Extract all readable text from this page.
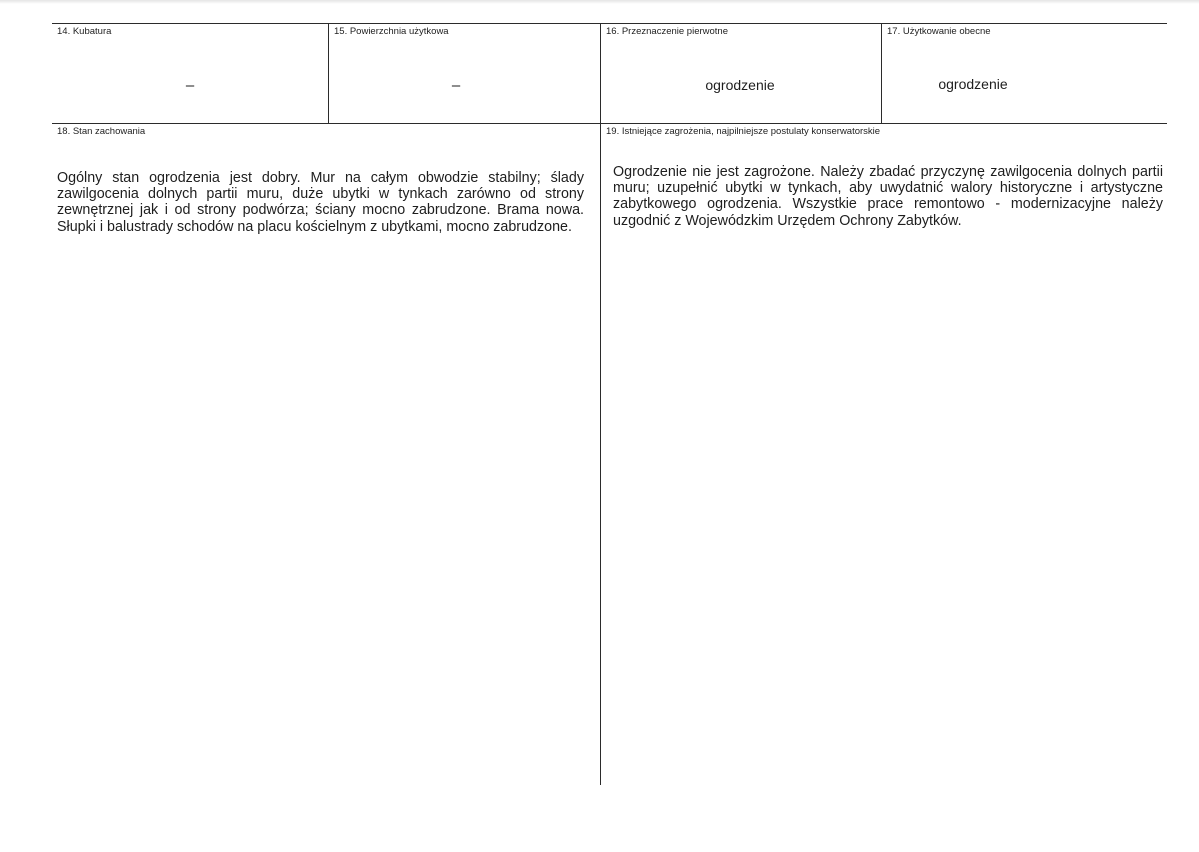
14. Kubatura
–
15. Powierzchnia użytkowa
–
16. Przeznaczenie pierwotne
ogrodzenie
17. Użytkowanie obecne
ogrodzenie
18. Stan zachowania
Ogólny stan ogrodzenia jest dobry. Mur na całym obwodzie stabilny; ślady zawilgocenia dolnych partii muru, duże ubytki w tynkach zarówno od strony zewnętrznej jak i od strony podwórza; ściany mocno zabrudzone. Brama nowa. Słupki i balustrady schodów na placu kościelnym z ubytkami, mocno zabrudzone.
19. Istniejące zagrożenia, najpilniejsze postulaty konserwatorskie
Ogrodzenie nie jest zagrożone. Należy zbadać przyczynę zawilgocenia dolnych partii muru; uzupełnić ubytki w tynkach, aby uwydatnić walory historyczne i artystyczne zabytkowego ogrodzenia. Wszystkie prace remontowo - modernizacyjne należy uzgodnić z Wojewódzkim Urzędem Ochrony Zabytków.
